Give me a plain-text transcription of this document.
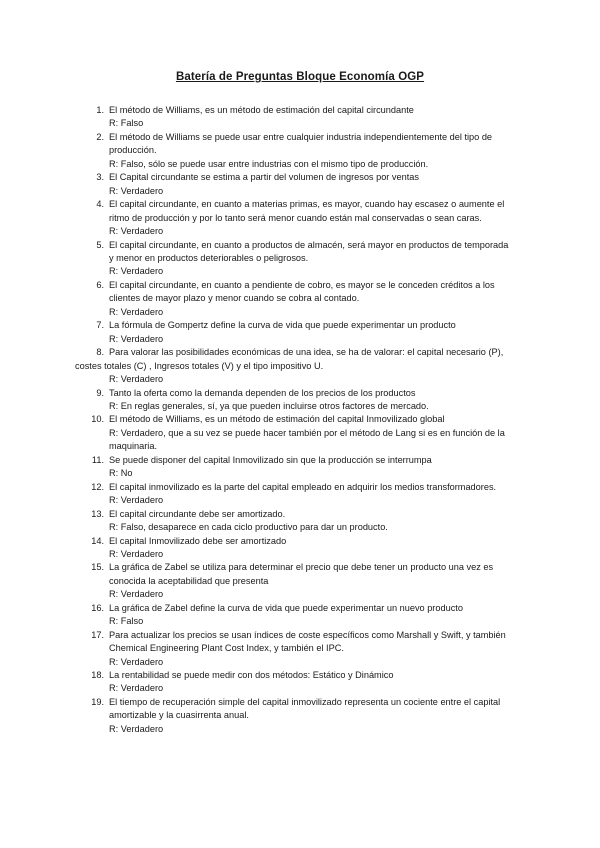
Batería de Preguntas Bloque Economía OGP
1. El método de Williams, es un método de estimación del capital circundante
R: Falso
2. El método de Williams se puede usar entre cualquier industria independientemente del tipo de producción.
R: Falso, sólo se puede usar entre industrias con el mismo tipo de producción.
3. El Capital circundante se estima a partir del volumen de ingresos por ventas
R: Verdadero
4. El capital circundante, en cuanto a materias primas, es mayor, cuando hay escasez o aumente el ritmo de producción y por lo tanto será menor cuando están mal conservadas o sean caras.
R: Verdadero
5. El capital circundante, en cuanto a productos de almacén, será mayor en productos de temporada y menor en productos deteriorables o peligrosos.
R: Verdadero
6. El capital circundante, en cuanto a pendiente de cobro, es mayor se le conceden créditos a los clientes de mayor plazo y menor cuando se cobra al contado.
R: Verdadero
7. La fórmula de Gompertz define la curva de vida que puede experimentar un producto
R: Verdadero
8. Para valorar las posibilidades económicas de una idea, se ha de valorar: el capital necesario (P), costes totales (C) , Ingresos totales (V) y el tipo impositivo U.
R: Verdadero
9. Tanto la oferta como la demanda dependen de los precios de los productos
R: En reglas generales, sí, ya que pueden incluirse otros factores de mercado.
10. El método de Williams, es un método de estimación del capital Inmovilizado global
R: Verdadero, que a su vez se puede hacer también por el método de Lang si es en función de la maquinaria.
11. Se puede disponer del capital Inmovilizado sin que la producción se interrumpa
R: No
12. El capital inmovilizado es la parte del capital empleado en adquirir los medios transformadores.
R: Verdadero
13. El capital circundante debe ser amortizado.
R: Falso, desaparece en cada ciclo productivo para dar un producto.
14. El capital Inmovilizado debe ser amortizado
R: Verdadero
15. La gráfica de Zabel se utiliza para determinar el precio que debe tener un producto una vez es conocida la aceptabilidad que presenta
R: Verdadero
16. La gráfica de Zabel define la curva de vida que puede experimentar un nuevo producto
R: Falso
17. Para actualizar los precios se usan índices de coste específicos como Marshall y Swift, y también Chemical Engineering Plant Cost Index, y también el IPC.
R: Verdadero
18. La rentabilidad se puede medir con dos métodos: Estático y Dinámico
R: Verdadero
19. El tiempo de recuperación simple del capital inmovilizado representa un cociente entre el capital amortizable y la cuasirrenta anual.
R: Verdadero
